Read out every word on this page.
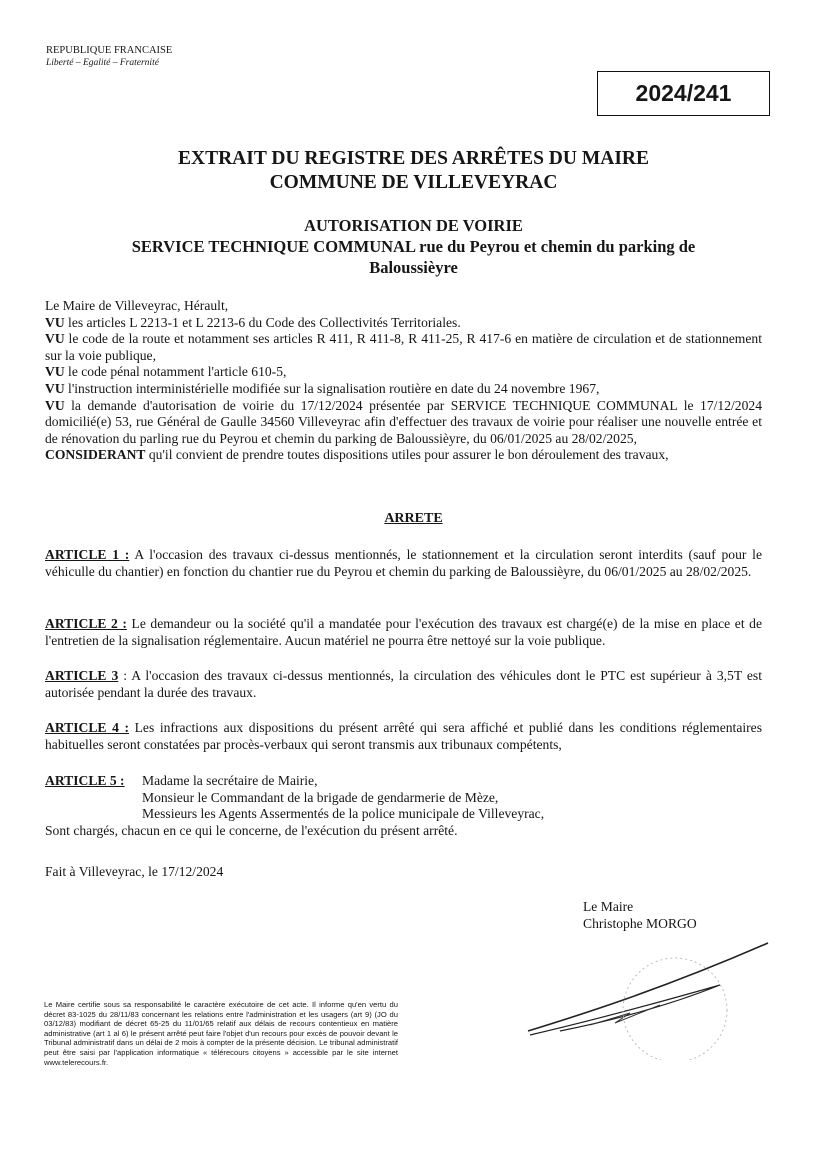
REPUBLIQUE FRANCAISE
Liberté – Egalité – Fraternité
2024/241
EXTRAIT DU REGISTRE DES ARRÊTES DU MAIRE
COMMUNE DE VILLEVEYRAC
AUTORISATION DE VOIRIE
SERVICE TECHNIQUE COMMUNAL rue du Peyrou et chemin du parking de
Baloussièyre

Le Maire de Villeveyrac, Hérault,

VU les articles L 2213-1 et L 2213-6 du Code des Collectivités Territoriales.

VU le code de la route et notamment ses articles R 411, R 411-8, R 411-25, R 417-6 en matière de circulation et de stationnement sur la voie publique,

VU le code pénal notamment l'article 610-5,

VU l'instruction interministérielle modifiée sur la signalisation routière en date du 24 novembre 1967,

VU la demande d'autorisation de voirie du 17/12/2024 présentée par SERVICE TECHNIQUE COMMUNAL le 17/12/2024 domicilié(e) 53, rue Général de Gaulle 34560 Villeveyrac afin d'effectuer des travaux de voirie pour réaliser une nouvelle entrée et de rénovation du parling rue du Peyrou et chemin du parking de Baloussièyre, du 06/01/2025 au 28/02/2025,

CONSIDERANT qu'il convient de prendre toutes dispositions utiles pour assurer le bon déroulement des travaux,

ARRETE

ARTICLE 1 : A l'occasion des travaux ci-dessus mentionnés, le stationnement et la circulation seront interdits (sauf pour le véhiculle du chantier) en fonction du chantier rue du Peyrou et chemin du parking de Baloussièyre, du 06/01/2025 au 28/02/2025.

ARTICLE 2 : Le demandeur ou la société qu'il a mandatée pour l'exécution des travaux est chargé(e) de la mise en place et de l'entretien de la signalisation réglementaire. Aucun matériel ne pourra être nettoyé sur la voie publique.

ARTICLE 3 : A l'occasion des travaux ci-dessus mentionnés, la circulation des véhicules dont le PTC est supérieur à 3,5T est autorisée pendant la durée des travaux.

ARTICLE 4 : Les infractions aux dispositions du présent arrêté qui sera affiché et publié dans les conditions réglementaires habituelles seront constatées par procès-verbaux qui seront transmis aux tribunaux compétents,

ARTICLE 5 :	Madame la secrétaire de Mairie,
Monsieur le Commandant de la brigade de gendarmerie de Mèze,
Messieurs les Agents Assermentés de la police municipale de Villeveyrac,
Sont chargés, chacun en ce qui le concerne, de l'exécution du présent arrêté.
Fait à Villeveyrac, le 17/12/2024
Le Maire
Christophe MORGO
Le Maire certifie sous sa responsabilité le caractère exécutoire de cet acte. Il informe qu'en vertu du décret 83-1025 du 28/11/83 concernant les relations entre l'administration et les usagers (art 9) (JO du 03/12/83) modifiant de décret 65-25 du 11/01/65 relatif aux délais de recours contentieux en matière administrative (art 1 al 6) le présent arrêté peut faire l'objet d'un recours pour excès de pouvoir devant le Tribunal administratif dans un délai de 2 mois à compter de la présente décision. Le tribunal administratif peut être saisi par l'application informatique « télérecours citoyens » accessible par le site internet www.telerecours.fr.
